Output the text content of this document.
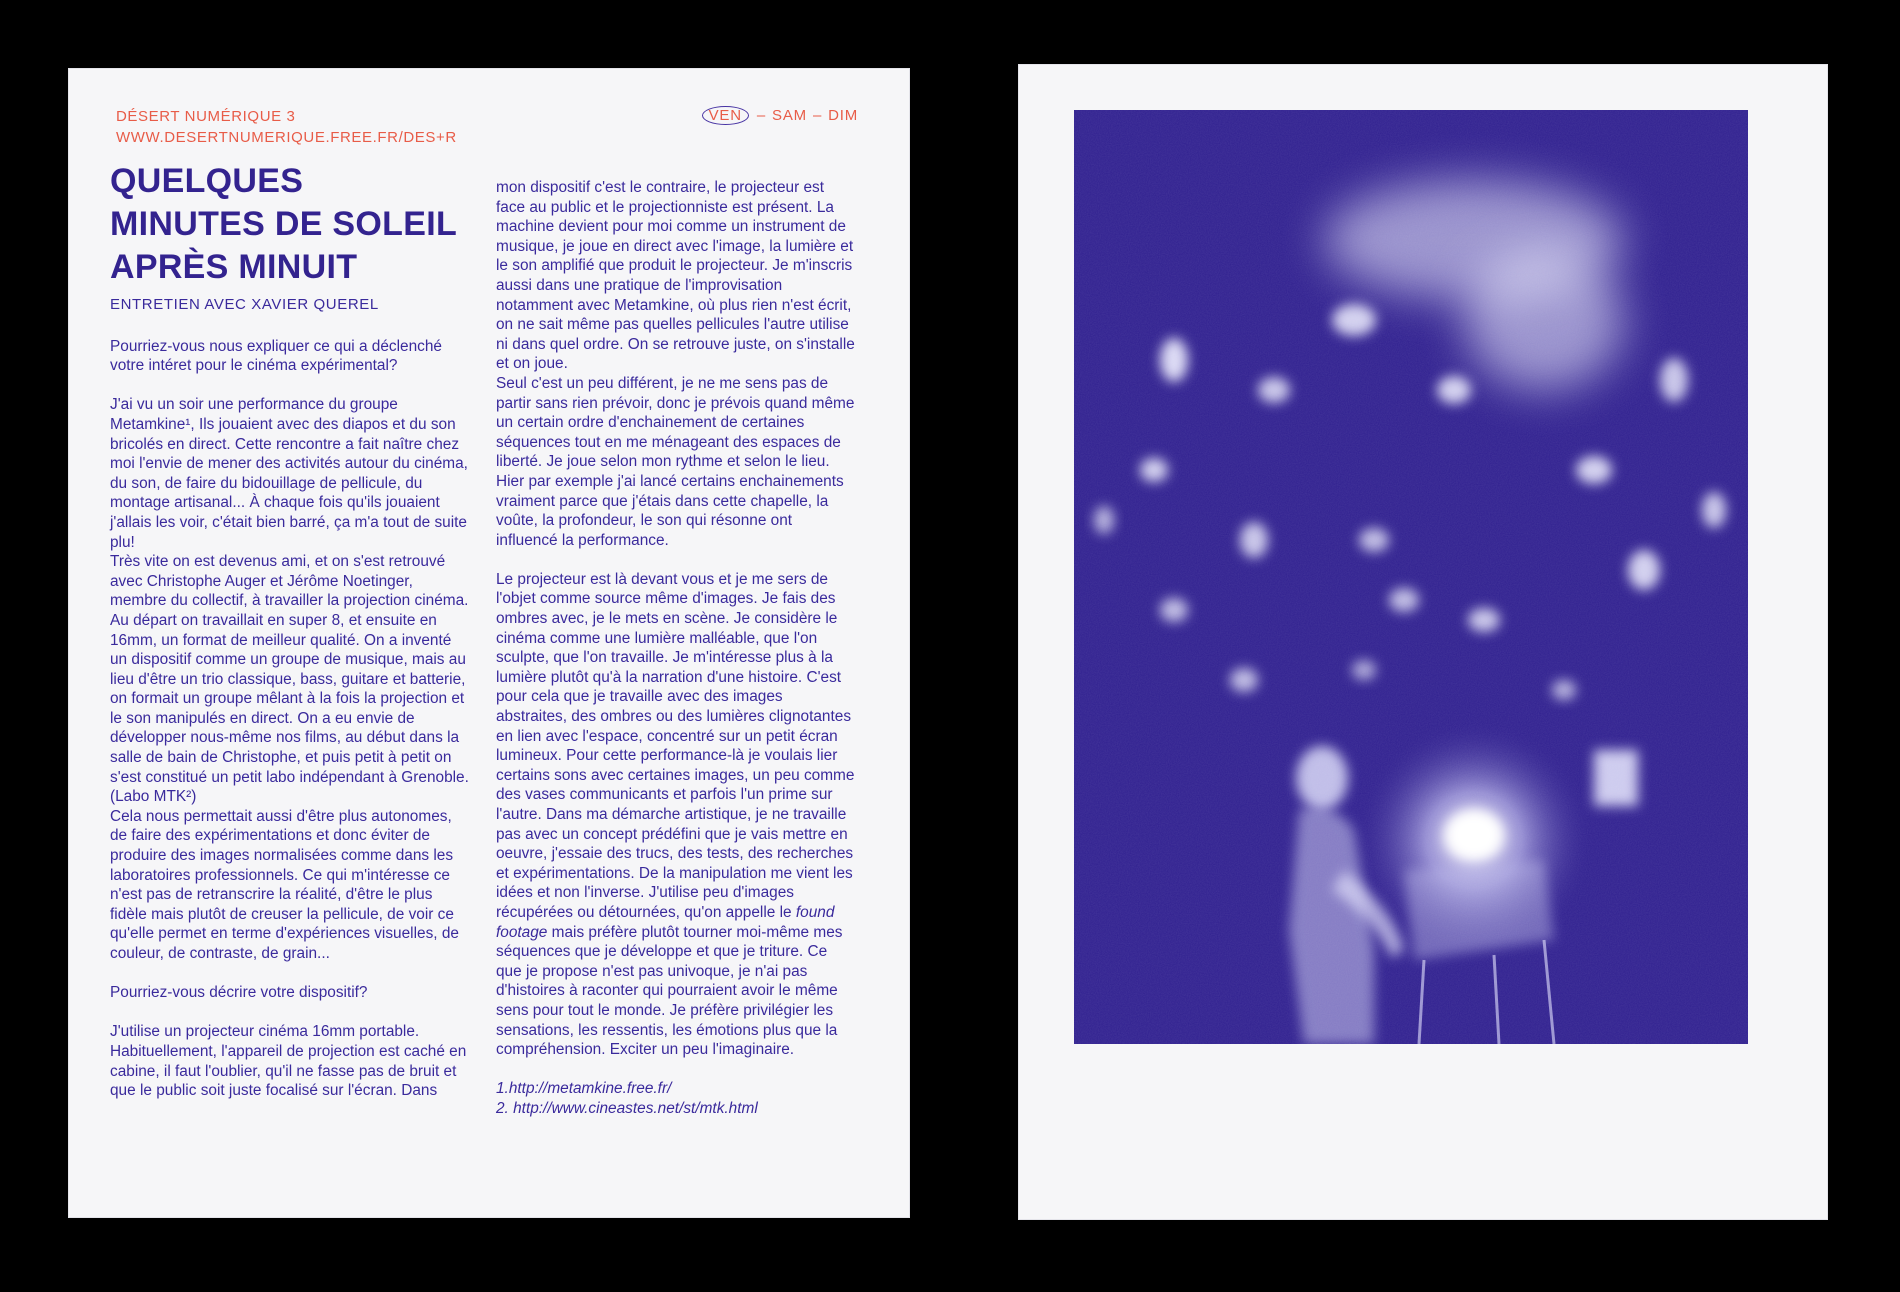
DÉSERT NUMÉRIQUE 3
WWW.DESERTNUMERIQUE.FREE.FR/DES+R
VEN – SAM – DIM
QUELQUES
MINUTES DE SOLEIL
APRÈS MINUIT
ENTRETIEN AVEC XAVIER QUEREL

Pourriez-vous nous expliquer ce qui a déclenché votre intéret pour le cinéma expérimental?

J'ai vu un soir une performance du groupe Metamkine¹, Ils jouaient avec des diapos et du son bricolés en direct. Cette rencontre a fait naître chez moi l'envie de mener des activités autour du cinéma, du son, de faire du bidouillage de pellicule, du montage artisanal... À chaque fois qu'ils jouaient j'allais les voir, c'était bien barré, ça m'a tout de suite plu!

Très vite on est devenus ami, et on s'est retrouvé avec Christophe Auger et Jérôme Noetinger, membre du collectif, à travailler la projection cinéma.

Au départ on travaillait en super 8, et ensuite en 16mm, un format de meilleur qualité. On a inventé un dispositif comme un groupe de musique, mais au lieu d'être un trio classique, bass, guitare et batterie, on formait un groupe mêlant à la fois la projection et le son manipulés en direct. On a eu envie de développer nous-même nos films, au début dans la salle de bain de Christophe, et puis petit à petit on s'est constitué un petit labo indépendant à Grenoble. (Labo MTK²)

Cela nous permettait aussi d'être plus autonomes, de faire des expérimentations et donc éviter de produire des images normalisées comme dans les laboratoires professionnels. Ce qui m'intéresse ce n'est pas de retranscrire la réalité, d'être le plus fidèle mais plutôt de creuser la pellicule, de voir ce qu'elle permet en terme d'expériences visuelles, de couleur, de contraste, de grain...

Pourriez-vous décrire votre dispositif?

J'utilise un projecteur cinéma 16mm portable. Habituellement, l'appareil de projection est caché en cabine, il faut l'oublier, qu'il ne fasse pas de bruit et que le public soit juste focalisé sur l'écran. Dans

mon dispositif c'est le contraire, le projecteur est face au public et le projectionniste est présent. La machine devient pour moi comme un instrument de musique, je joue en direct avec l'image, la lumière et le son amplifié que produit le projecteur. Je m'inscris aussi dans une pratique de l'improvisation notamment avec Metamkine, où plus rien n'est écrit, on ne sait même pas quelles pellicules l'autre utilise ni dans quel ordre. On se retrouve juste, on s'installe et on joue.

Seul c'est un peu différent, je ne me sens pas de partir sans rien prévoir, donc je prévois quand même un certain ordre d'enchainement de certaines séquences tout en me ménageant des espaces de liberté. Je joue selon mon rythme et selon le lieu. Hier par exemple j'ai lancé certains enchainements vraiment parce que j'étais dans cette chapelle, la voûte, la profondeur, le son qui résonne ont influencé la performance.

Le projecteur est là devant vous et je me sers de l'objet comme source même d'images. Je fais des ombres avec, je le mets en scène. Je considère le cinéma comme une lumière malléable, que l'on sculpte, que l'on travaille. Je m'intéresse plus à la lumière plutôt qu'à la narration d'une histoire. C'est pour cela que je travaille avec des images abstraites, des ombres ou des lumières clignotantes en lien avec l'espace, concentré sur un petit écran lumineux. Pour cette performance-là je voulais lier certains sons avec certaines images, un peu comme des vases communicants et parfois l'un prime sur l'autre. Dans ma démarche artistique, je ne travaille pas avec un concept prédéfini que je vais mettre en oeuvre, j'essaie des trucs, des tests, des recherches et expérimentations. De la manipulation me vient les idées et non l'inverse. J'utilise peu d'images récupérées ou détournées, qu'on appelle le found footage mais préfère plutôt tourner moi-même mes séquences que je développe et que je triture. Ce que je propose n'est pas univoque, je n'ai pas d'histoires à raconter qui pourraient avoir le même sens pour tout le monde. Je préfère privilégier les sensations, les ressentis, les émotions plus que la compréhension. Exciter un peu l'imaginaire.

1.http://metamkine.free.fr/

2. http://www.cineastes.net/st/mtk.html
